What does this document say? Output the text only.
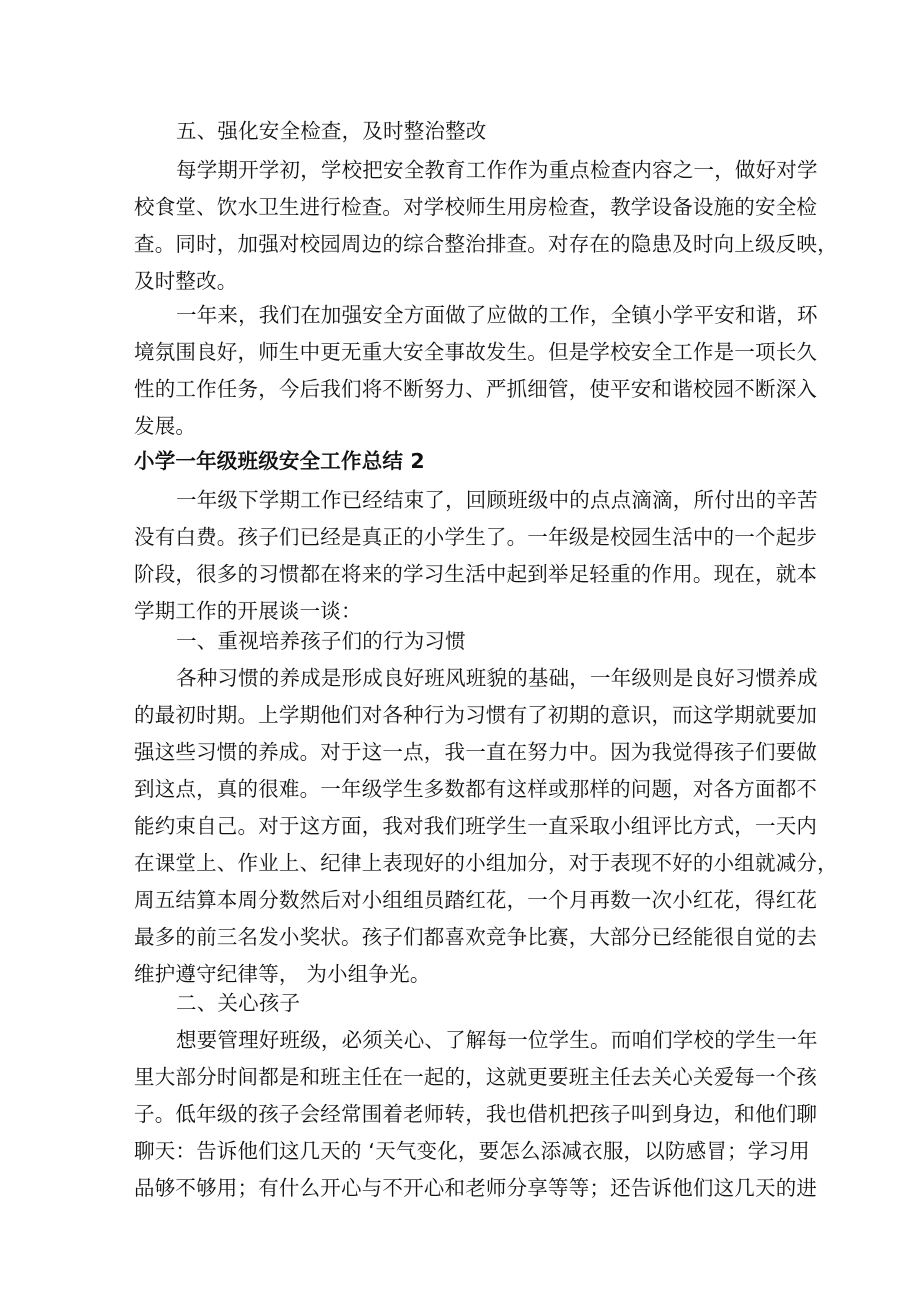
五、强化安全检查，及时整治整改
每学期开学初，学校把安全教育工作作为重点检查内容之一，做好对学
校食堂、饮水卫生进行检查。对学校师生用房检查，教学设备设施的安全检
查。同时，加强对校园周边的综合整治排查。对存在的隐患及时向上级反映，
及时整改。
一年来，我们在加强安全方面做了应做的工作，全镇小学平安和谐，环
境氛围良好，师生中更无重大安全事故发生。但是学校安全工作是一项长久
性的工作任务，今后我们将不断努力、严抓细管，使平安和谐校园不断深入
发展。
小学一年级班级安全工作总结 2
一年级下学期工作已经结束了，回顾班级中的点点滴滴，所付出的辛苦
没有白费。孩子们已经是真正的小学生了。一年级是校园生活中的一个起步
阶段，很多的习惯都在将来的学习生活中起到举足轻重的作用。现在，就本
学期工作的开展谈一谈：
一、重视培养孩子们的行为习惯
各种习惯的养成是形成良好班风班貌的基础，一年级则是良好习惯养成
的最初时期。上学期他们对各种行为习惯有了初期的意识，而这学期就要加
强这些习惯的养成。对于这一点，我一直在努力中。因为我觉得孩子们要做
到这点，真的很难。一年级学生多数都有这样或那样的问题，对各方面都不
能约束自己。对于这方面，我对我们班学生一直采取小组评比方式，一天内
在课堂上、作业上、纪律上表现好的小组加分，对于表现不好的小组就减分，
周五结算本周分数然后对小组组员踏红花，一个月再数一次小红花，得红花
最多的前三名发小奖状。孩子们都喜欢竞争比赛，大部分已经能很自觉的去
维护遵守纪律等， 为小组争光。
二、关心孩子
想要管理好班级，必须关心、了解每一位学生。而咱们学校的学生一年
里大部分时间都是和班主任在一起的，这就更要班主任去关心关爱每一个孩
子。低年级的孩子会经常围着老师转，我也借机把孩子叫到身边，和他们聊
聊天：告诉他们这几天的 ‘天气变化，要怎么添减衣服，以防感冒；学习用
品够不够用；有什么开心与不开心和老师分享等等；还告诉他们这几天的进
